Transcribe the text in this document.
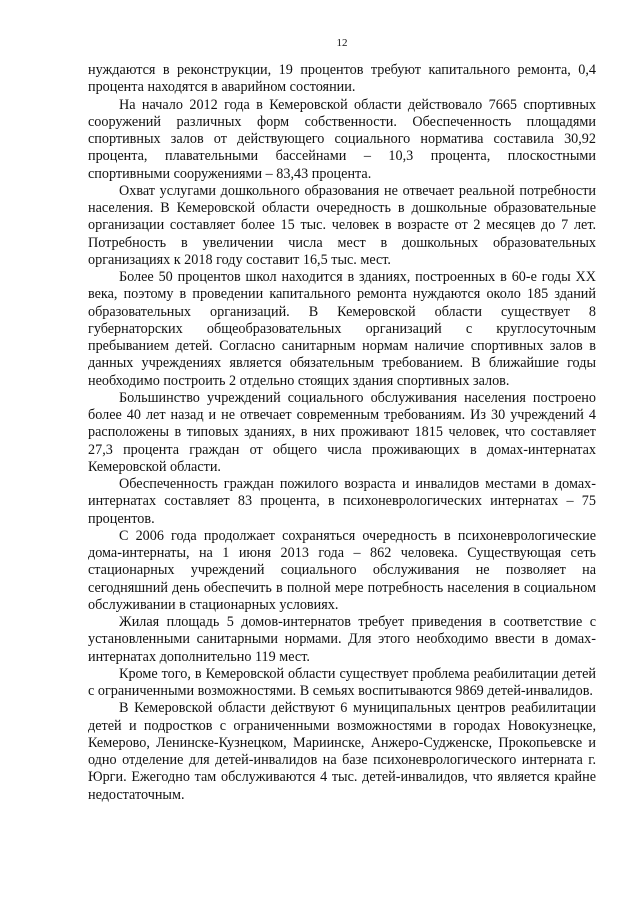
12

нуждаются в реконструкции, 19 процентов требуют капитального ремонта, 0,4 процента находятся в аварийном состоянии.

На начало 2012 года в Кемеровской области действовало 7665 спортивных сооружений различных форм собственности. Обеспеченность площадями спортивных залов от действующего социального норматива составила 30,92 процента, плавательными бассейнами – 10,3 процента, плоскостными спортивными сооружениями – 83,43 процента.

Охват услугами дошкольного образования не отвечает реальной потребности населения. В Кемеровской области очередность в дошкольные образовательные организации составляет более 15 тыс. человек в возрасте от 2 месяцев до 7 лет. Потребность в увеличении числа мест в дошкольных образовательных организациях к 2018 году составит 16,5 тыс. мест.

Более 50 процентов школ находится в зданиях, построенных в 60-е годы XX века, поэтому в проведении капитального ремонта нуждаются около 185 зданий образовательных организаций. В Кемеровской области существует 8 губернаторских общеобразовательных организаций с круглосуточным пребыванием детей. Согласно санитарным нормам наличие спортивных залов в данных учреждениях является обязательным требованием. В ближайшие годы необходимо построить 2 отдельно стоящих здания спортивных залов.

Большинство учреждений социального обслуживания населения построено более 40 лет назад и не отвечает современным требованиям. Из 30 учреждений 4 расположены в типовых зданиях, в них проживают 1815 человек, что составляет 27,3 процента граждан от общего числа проживающих в домах-интернатах Кемеровской области.

Обеспеченность граждан пожилого возраста и инвалидов местами в домах-интернатах составляет 83 процента, в психоневрологических интернатах – 75 процентов.

С 2006 года продолжает сохраняться очередность в психоневрологические дома-интернаты, на 1 июня 2013 года – 862 человека. Существующая сеть стационарных учреждений социального обслуживания не позволяет на сегодняшний день обеспечить в полной мере потребность населения в социальном обслуживании в стационарных условиях.

Жилая площадь 5 домов-интернатов требует приведения в соответствие с установленными санитарными нормами. Для этого необходимо ввести в домах-интернатах дополнительно 119 мест.

Кроме того, в Кемеровской области существует проблема реабилитации детей с ограниченными возможностями. В семьях воспитываются 9869 детей-инвалидов.

В Кемеровской области действуют 6 муниципальных центров реабилитации детей и подростков с ограниченными возможностями в городах Новокузнецке, Кемерово, Ленинске-Кузнецком, Мариинске, Анжеро-Судженске, Прокопьевске и одно отделение для детей-инвалидов на базе психоневрологического интерната г. Юрги. Ежегодно там обслуживаются 4 тыс. детей-инвалидов, что является крайне недостаточным.
